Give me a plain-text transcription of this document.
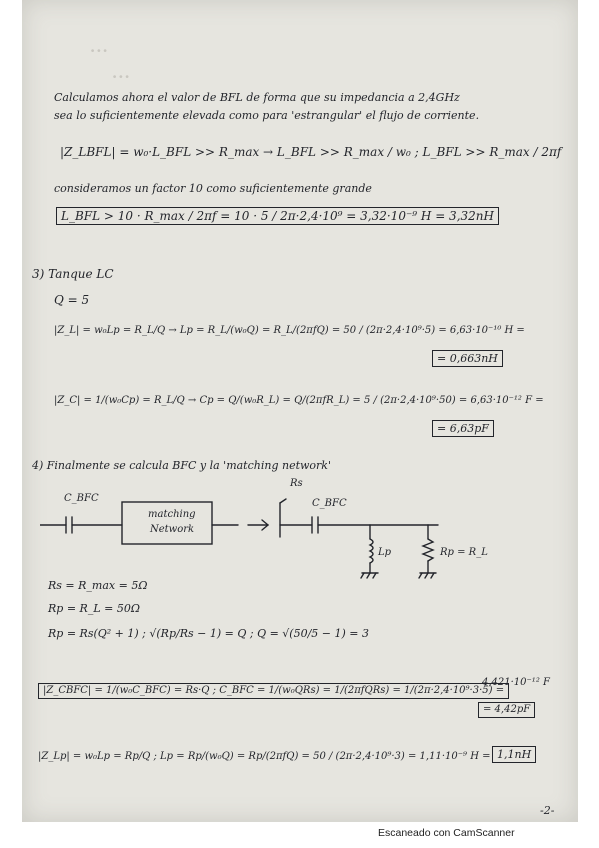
...
...
Calculamos ahora el valor de BFL de forma que su impedancia a 2,4GHz
sea lo suficientemente elevada como para 'estrangular' el flujo de corriente.
|Z_LBFL| = w₀·L_BFL >> R_max → L_BFL >> R_max / w₀ ; L_BFL >> R_max / 2πf
consideramos un factor 10 como suficientemente grande
L_BFL > 10 · R_max / 2πf = 10 · 5 / 2π·2,4·10⁹ = 3,32·10⁻⁹ H = 3,32nH
3) Tanque LC
Q = 5
|Z_L| = w₀Lp = R_L/Q → Lp = R_L/(w₀Q) = R_L/(2πfQ) = 50 / (2π·2,4·10⁹·5) = 6,63·10⁻¹⁰ H =
= 0,663nH
|Z_C| = 1/(w₀Cp) = R_L/Q → Cp = Q/(w₀R_L) = Q/(2πfR_L) = 5 / (2π·2,4·10⁹·50) = 6,63·10⁻¹² F =
= 6,63pF
4) Finalmente se calcula BFC y la 'matching network'
C_BFC
matching
Network
Rs
C_BFC
Lp	Rp = R_L
Rs = R_max = 5Ω
Rp = R_L = 50Ω
Rp = Rs(Q² + 1) ; √(Rp/Rs − 1) = Q ; Q = √(50/5 − 1) = 3
|Z_CBFC| = 1/(w₀C_BFC) = Rs·Q ; C_BFC = 1/(w₀QRs) = 1/(2πfQRs) = 1/(2π·2,4·10⁹·3·5) =
4,421·10⁻¹² F
= 4,42pF
|Z_Lp| = w₀Lp = Rp/Q ; Lp = Rp/(w₀Q) = Rp/(2πfQ) = 50 / (2π·2,4·10⁹·3) = 1,11·10⁻⁹ H = 1,1nH
-2-
Escaneado con CamScanner
